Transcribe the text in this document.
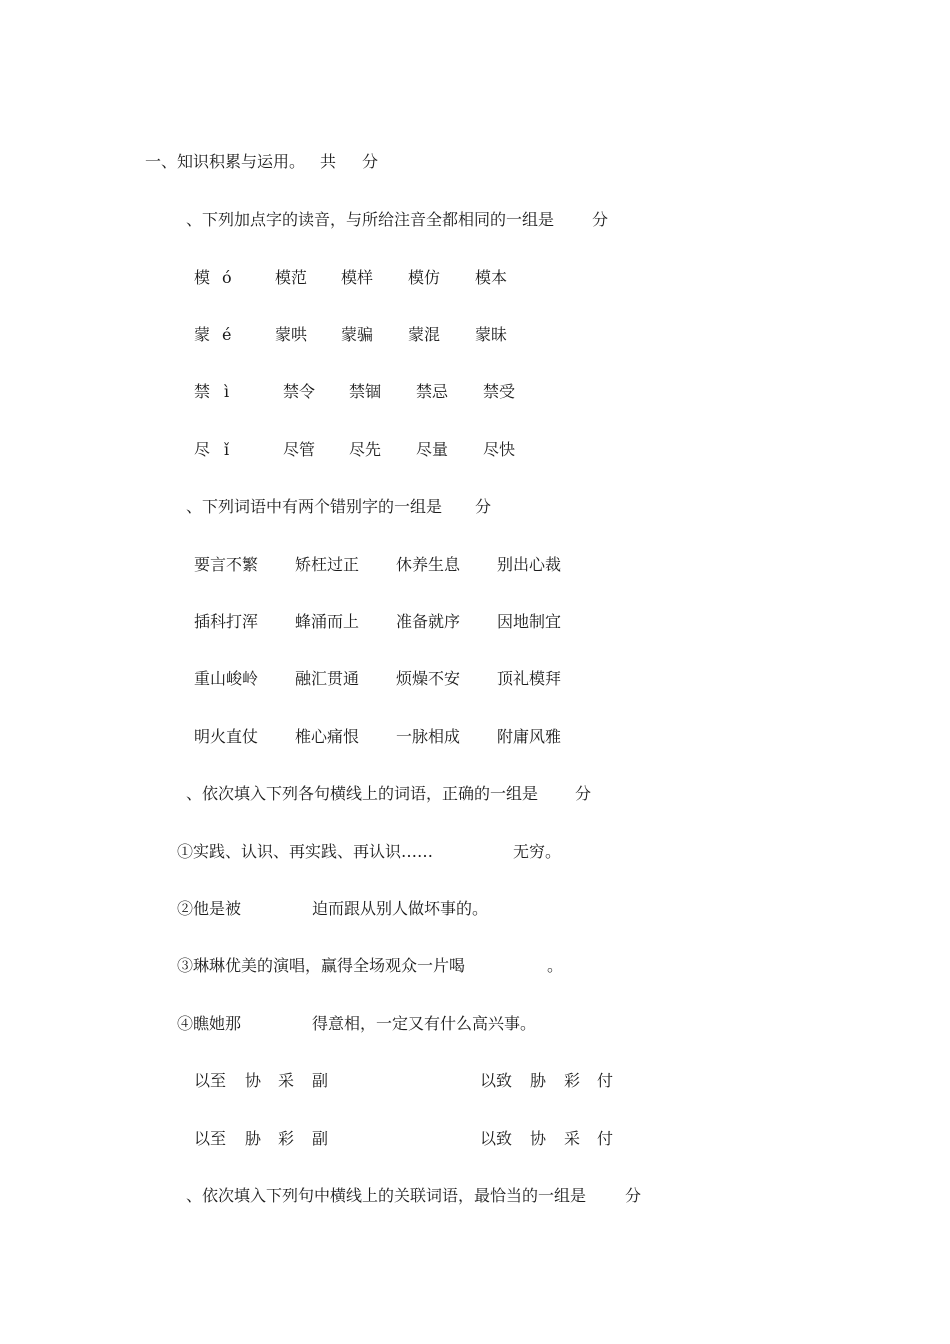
一、知识积累与运用。 共 分
、下列加点字的读音，与所给注音全都相同的一组是 分
模 ó	模范 模样 模仿 模本
蒙 é	蒙哄 蒙骗 蒙混 蒙昧
禁 ì	禁令 禁锢 禁忌 禁受
尽 ǐ	尽管 尽先 尽量 尽快
、下列词语中有两个错别字的一组是 分
要言不繁 矫枉过正 休养生息 别出心裁
插科打浑 蜂涌而上 准备就序 因地制宜
重山峻岭 融汇贯通 烦燥不安 顶礼模拜
明火直仗 椎心痛恨 一脉相成 附庸风雅
、依次填入下列各句横线上的词语，正确的一组是 分
①实践、认识、再实践、再认识……	无穷。
②他是被	迫而跟从别人做坏事的。
③琳琳优美的演唱，赢得全场观众一片喝	。
④瞧她那	得意相，一定又有什么高兴事。
以至 协 采 副	以致 胁 彩 付
以至 胁 彩 副	以致 协 采 付
、依次填入下列句中横线上的关联词语，最恰当的一组是 分
